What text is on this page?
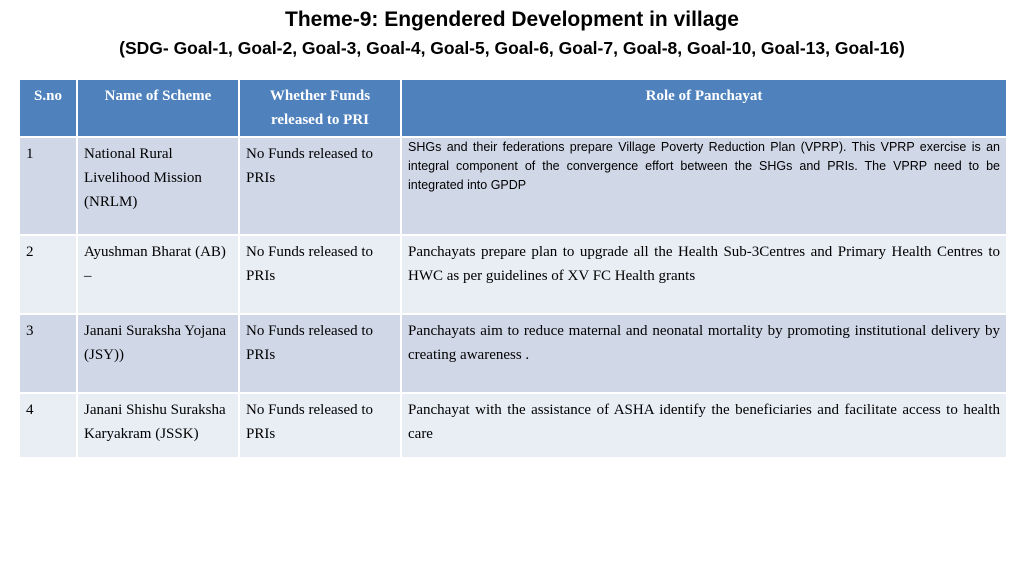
Theme-9: Engendered Development in village
(SDG- Goal-1, Goal-2, Goal-3, Goal-4, Goal-5, Goal-6, Goal-7, Goal-8, Goal-10, Goal-13, Goal-16)
S.no	Name of Scheme	Whether Funds released to PRI	Role of Panchayat
1	National Rural Livelihood Mission (NRLM)	No Funds released to PRIs	SHGs and their federations prepare Village Poverty Reduction Plan (VPRP). This VPRP exercise is an integral component of the convergence effort between the SHGs and PRIs. The VPRP need to be integrated into GPDP

2	Ayushman Bharat (AB) –	No Funds released to PRIs	Panchayats prepare plan to upgrade all the Health Sub-3Centres and Primary Health Centres to HWC as per guidelines of XV FC Health grants
3	Janani Suraksha Yojana (JSY))	No Funds released to PRIs	Panchayats aim to reduce maternal and neonatal mortality by promoting institutional delivery by creating awareness .
4	Janani Shishu Suraksha Karyakram (JSSK)	No Funds released to PRIs	Panchayat with the assistance of ASHA identify the beneficiaries and facilitate access to health care
